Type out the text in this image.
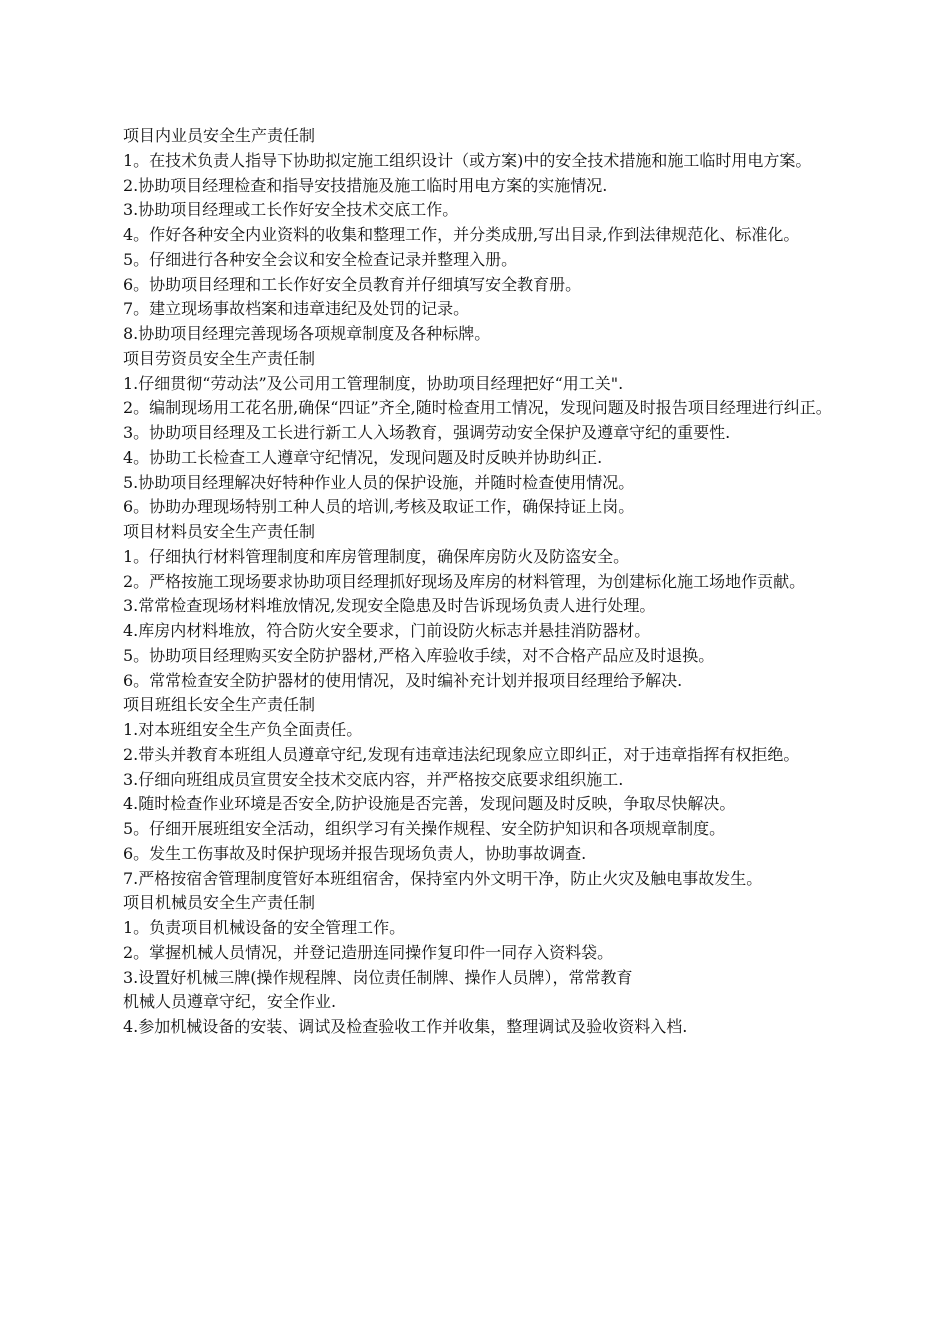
项目内业员安全生产责任制

1。在技术负责人指导下协助拟定施工组织设计（或方案)中的安全技术措施和施工临时用电方案。

2.协助项目经理检查和指导安技措施及施工临时用电方案的实施情况.

3.协助项目经理或工长作好安全技术交底工作。

4。作好各种安全内业资料的收集和整理工作，并分类成册,写出目录,作到法律规范化、标准化。

5。仔细进行各种安全会议和安全检查记录并整理入册。

6。协助项目经理和工长作好安全员教育并仔细填写安全教育册。

7。建立现场事故档案和违章违纪及处罚的记录。

8.协助项目经理完善现场各项规章制度及各种标牌。

项目劳资员安全生产责任制

1.仔细贯彻“劳动法”及公司用工管理制度，协助项目经理把好“用工关".

2。编制现场用工花名册,确保“四证”齐全,随时检查用工情况，发现问题及时报告项目经理进行纠正。

3。协助项目经理及工长进行新工人入场教育，强调劳动安全保护及遵章守纪的重要性.

4。协助工长检查工人遵章守纪情况，发现问题及时反映并协助纠正.

5.协助项目经理解决好特种作业人员的保护设施，并随时检查使用情况。

6。协助办理现场特别工种人员的培训,考核及取证工作，确保持证上岗。

项目材料员安全生产责任制

1。仔细执行材料管理制度和库房管理制度，确保库房防火及防盗安全。

2。严格按施工现场要求协助项目经理抓好现场及库房的材料管理，为创建标化施工场地作贡献。

3.常常检查现场材料堆放情况,发现安全隐患及时告诉现场负责人进行处理。

4.库房内材料堆放，符合防火安全要求，门前设防火标志并悬挂消防器材。

5。协助项目经理购买安全防护器材,严格入库验收手续，对不合格产品应及时退换。

6。常常检查安全防护器材的使用情况，及时编补充计划并报项目经理给予解决.

项目班组长安全生产责任制

1.对本班组安全生产负全面责任。

2.带头并教育本班组人员遵章守纪,发现有违章违法纪现象应立即纠正，对于违章指挥有权拒绝。

3.仔细向班组成员宣贯安全技术交底内容，并严格按交底要求组织施工.

4.随时检查作业环境是否安全,防护设施是否完善，发现问题及时反映，争取尽快解决。

5。仔细开展班组安全活动，组织学习有关操作规程、安全防护知识和各项规章制度。

6。发生工伤事故及时保护现场并报告现场负责人，协助事故调查.

7.严格按宿舍管理制度管好本班组宿舍，保持室内外文明干净，防止火灾及触电事故发生。

项目机械员安全生产责任制

1。负责项目机械设备的安全管理工作。

2。掌握机械人员情况，并登记造册连同操作复印件一同存入资料袋。

3.设置好机械三牌(操作规程牌、岗位责任制牌、操作人员牌），常常教育

机械人员遵章守纪，安全作业.

4.参加机械设备的安装、调试及检查验收工作并收集，整理调试及验收资料入档.
